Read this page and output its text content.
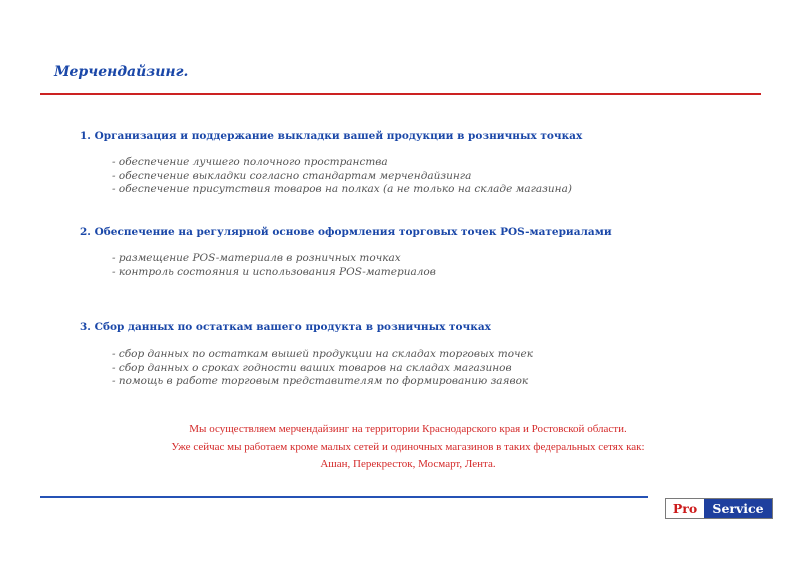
Мерчендайзинг.
1. Организация и поддержание выкладки вашей продукции в розничных точках
- обеспечение лучшего полочного пространства
- обеспечение выкладки согласно стандартам мерчендайзинга
- обеспечение присутствия товаров на полках (а не только на складе магазина)
2. Обеспечение на регулярной основе оформления торговых точек POS-материалами
- размещение POS-материалв в розничных точках
- контроль состояния и использования POS-материалов
3. Сбор данных по остаткам вашего продукта в розничных точках
- сбор данных по остаткам вышей продукции на складах торговых точек
- сбор данных о сроках годности ваших товаров на складах магазинов
- помощь в работе торговым представителям по формированию заявок
Мы осуществляем мерчендайзинг на территории Краснодарского края и Ростовской области.
Уже сейчас мы работаем кроме малых сетей и одиночных магазинов в таких федеральных сетях как:
Ашан, Перекресток, Мосмарт, Лента.
Pro	Service
